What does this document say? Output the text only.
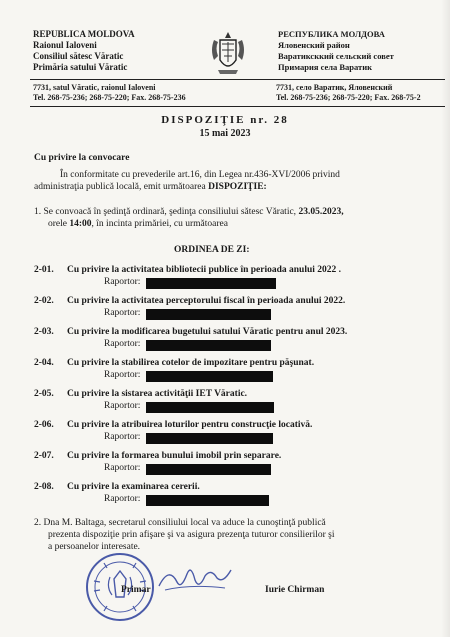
REPUBLICA MOLDOVA
Raionul Ialoveni
Consiliul sătesc Văratic
Primăria satului Văratic
РЕСПУБЛИКА МОЛДОВА
Яловенский район
Варатиксккий сельский совет
Примария села Варатик
7731, satul Văratic, raionul Ialoveni
Tel. 268-75-236; 268-75-220; Fax. 268-75-236
7731, село Варатик, Яловенский
Tel. 268-75-236; 268-75-220; Fax. 268-75-2
DISPOZIŢIE nr. 28
15 mai 2023
Cu privire la convocare
În conformitate cu prevederile art.16, din Legea nr.436-XVI/2006 privind
administraţia publică locală, emit următoarea DISPOZIŢIE:
1. Se convoacă în şedinţă ordinară, şedinţa consiliului sătesc Văratic, 23.05.2023,
orele 14:00, în incinta primăriei, cu următoarea
ORDINEA DE ZI:
2-01. Cu privire la activitatea bibliotecii publice în perioada anului 2022 .
Raportor:
2-02. Cu privire la activitatea perceptorului fiscal în perioada anului 2022.
Raportor:
2-03. Cu privire la modificarea bugetului satului Văratic pentru anul 2023.
Raportor:
2-04. Cu privire la stabilirea cotelor de impozitare pentru păşunat.
Raportor:
2-05. Cu privire la sistarea activităţii IET Văratic.
Raportor:
2-06. Cu privire la atribuirea loturilor pentru construcţie locativă.
Raportor:
2-07. Cu privire la formarea bunului imobil prin separare.
Raportor:
2-08. Cu privire la examinarea cererii.
Raportor:
2. Dna M. Baltaga, secretarul consiliului local va aduce la cunoştinţă publică
prezenta dispoziţie prin afişare şi va asigura prezenţa tuturor consilierilor şi
a persoanelor interesate.
Primar	Iurie Chirman
